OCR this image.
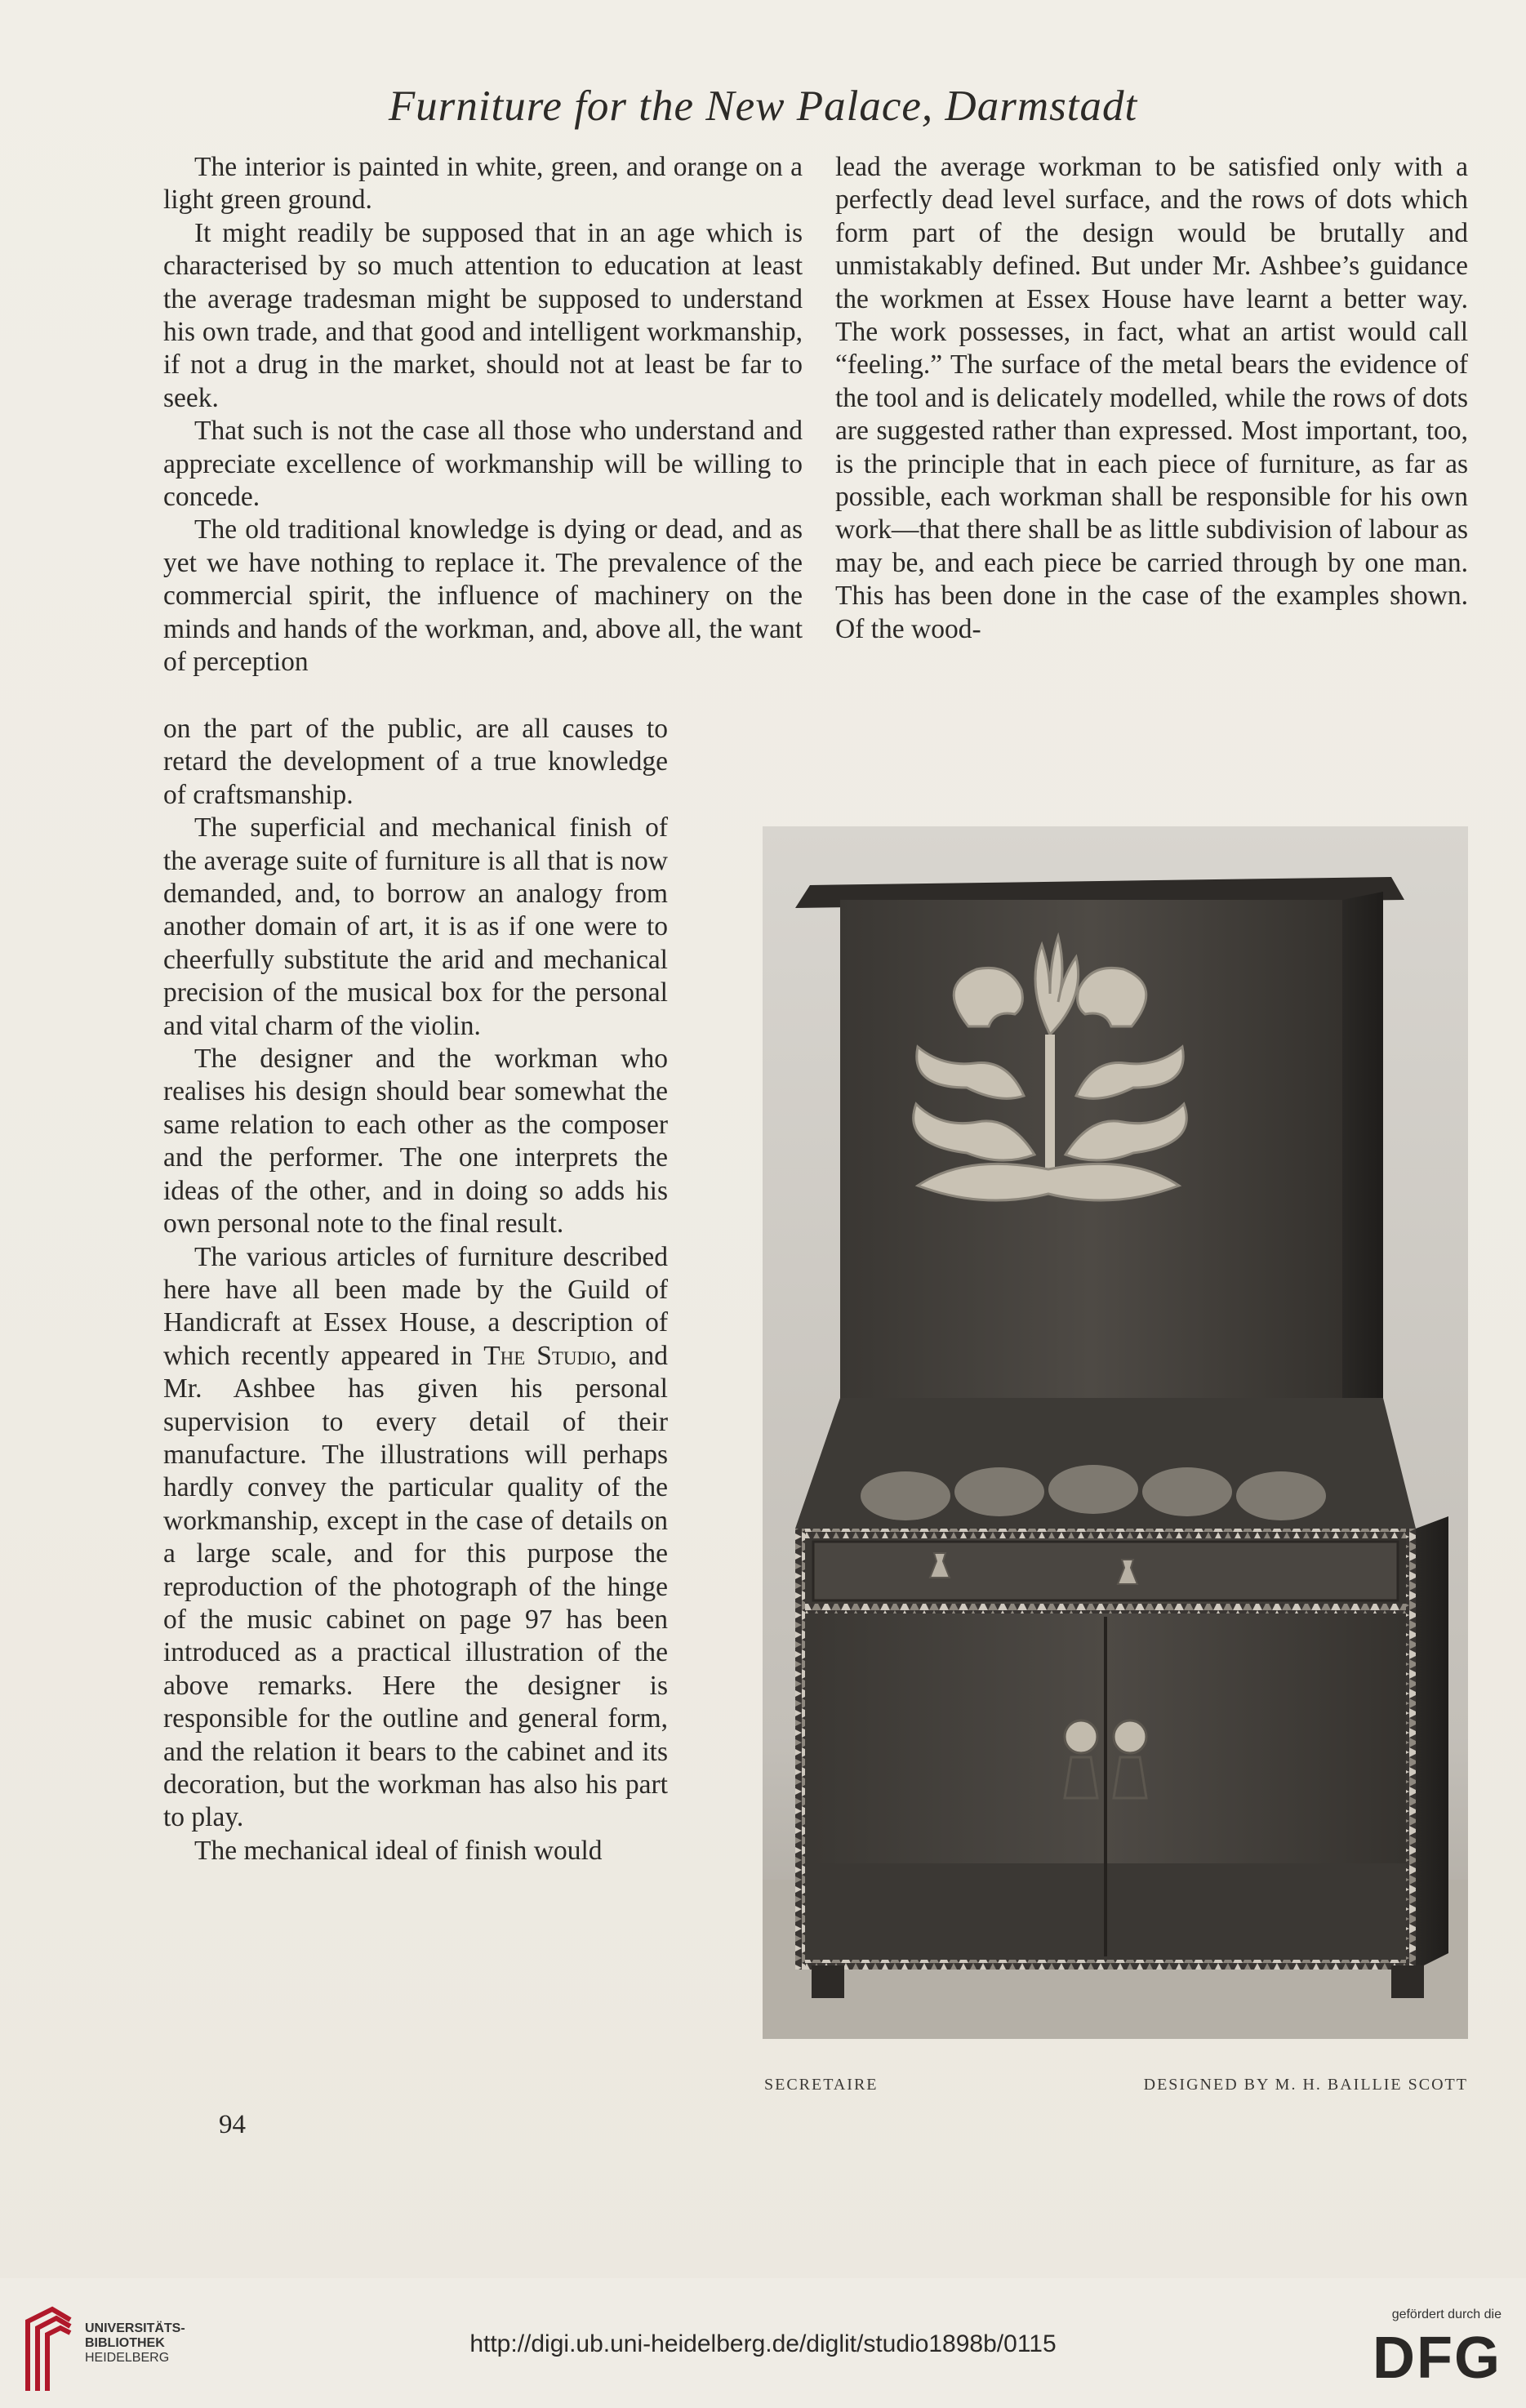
Furniture for the New Palace, Darmstadt

The interior is painted in white, green, and orange on a light green ground.

It might readily be supposed that in an age which is characterised by so much attention to education at least the average tradesman might be supposed to understand his own trade, and that good and intelligent workmanship, if not a drug in the market, should not at least be far to seek.

That such is not the case all those who understand and appreciate excellence of workmanship will be willing to concede.

The old traditional knowledge is dying or dead, and as yet we have nothing to replace it. The prevalence of the commercial spirit, the influence of machinery on the minds and hands of the workman, and, above all, the want of perception

on the part of the public, are all causes to retard the development of a true knowledge of craftsmanship.

The superficial and mechanical finish of the average suite of furniture is all that is now demanded, and, to borrow an analogy from another domain of art, it is as if one were to cheerfully substitute the arid and mechanical precision of the musical box for the personal and vital charm of the violin.

The designer and the workman who realises his design should bear somewhat the same relation to each other as the composer and the performer. The one interprets the ideas of the other, and in doing so adds his own personal note to the final result.

The various articles of furniture described here have all been made by the Guild of Handicraft at Essex House, a description of which recently appeared in The Studio, and Mr. Ashbee has given his personal supervision to every detail of their manufacture. The illustrations will perhaps hardly convey the particular quality of the workmanship, except in the case of details on a large scale, and for this purpose the reproduction of the photograph of the hinge of the music cabinet on page 97 has been introduced as a practical illustration of the above remarks. Here the designer is responsible for the outline and general form, and the relation it bears to the cabinet and its decoration, but the workman has also his part to play.

The mechanical ideal of finish would

lead the average workman to be satisfied only with a perfectly dead level surface, and the rows of dots which form part of the design would be brutally and unmistakably defined. But under Mr. Ashbee’s guidance the workmen at Essex House have learnt a better way. The work possesses, in fact, what an artist would call “feeling.” The surface of the metal bears the evidence of the tool and is delicately modelled, while the rows of dots are suggested rather than expressed. Most important, too, is the principle that in each piece of furniture, as far as possible, each workman shall be responsible for his own work—that there shall be as little subdivision of labour as may be, and each piece be carried through by one man. This has been done in the case of the examples shown. Of the wood-

SECRETAIRE	DESIGNED BY M. H. BAILLIE SCOTT
94
UNIVERSITÄTS-
BIBLIOTHEK
HEIDELBERG
http://digi.ub.uni-heidelberg.de/diglit/studio1898b/0115
gefördert durch die
DFG
